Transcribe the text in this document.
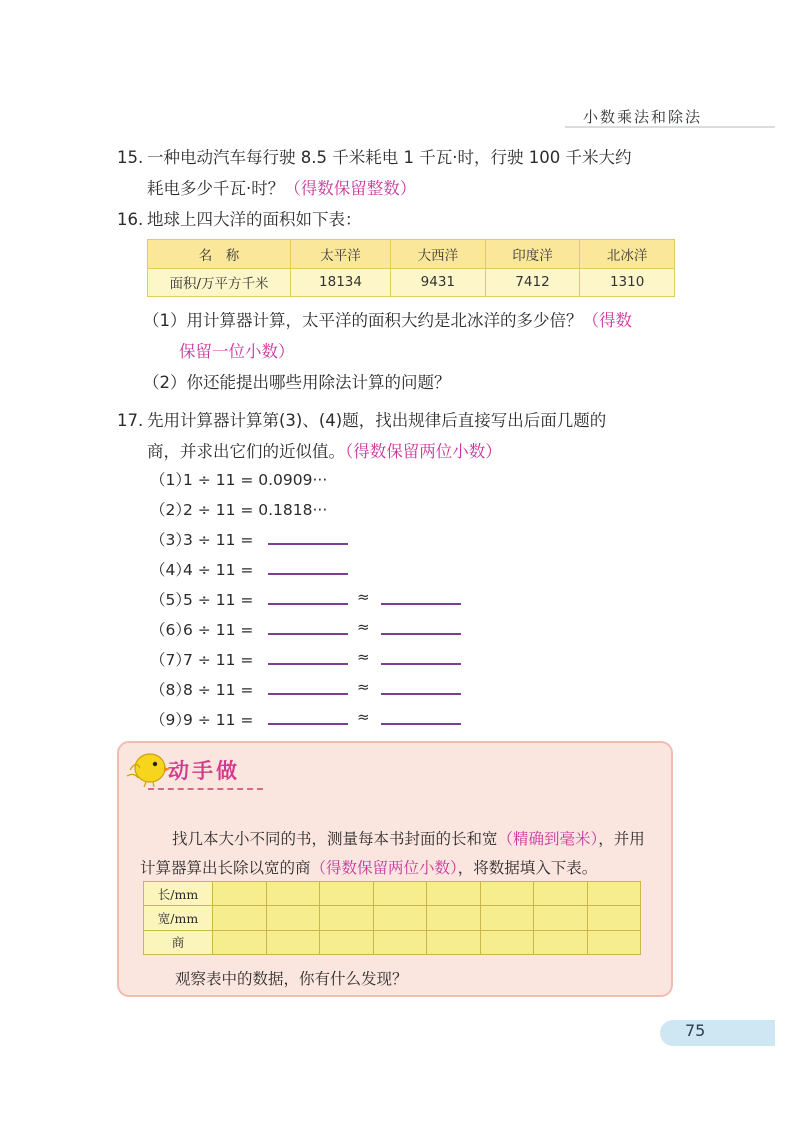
小数乘法和除法
15. 一种电动汽车每行驶 8.5 千米耗电 1 千瓦·时，行驶 100 千米大约
耗电多少千瓦·时？（得数保留整数）
16. 地球上四大洋的面积如下表：
名　称	太平洋	大西洋	印度洋	北冰洋
面积/万平方千米	18134	9431	7412	1310
（1）用计算器计算，太平洋的面积大约是北冰洋的多少倍？（得数
保留一位小数）
（2）你还能提出哪些用除法计算的问题？
17. 先用计算器计算第(3)、(4)题，找出规律后直接写出后面几题的
商，并求出它们的近似值。（得数保留两位小数）
（1）1 ÷ 11 = 0.0909···
（2）2 ÷ 11 = 0.1818···
（3）3 ÷ 11 =
（4）4 ÷ 11 =
（5）5 ÷ 11 =
（6）6 ÷ 11 =
（7）7 ÷ 11 =
（8）8 ÷ 11 =
（9）9 ÷ 11 =
≈
≈
≈
≈
≈
动手做
找几本大小不同的书，测量每本书封面的长和宽（精确到毫米），并用计算器算出长除以宽的商（得数保留两位小数），将数据填入下表。
长/mm								
宽/mm								
商								
观察表中的数据，你有什么发现？
75
